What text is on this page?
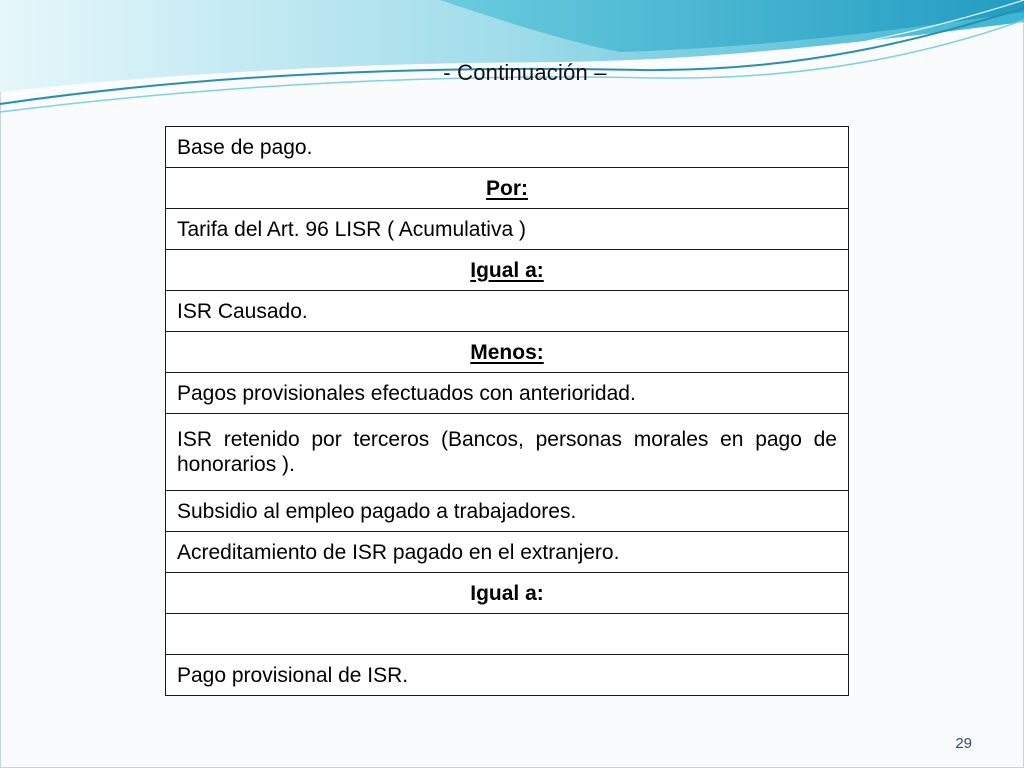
- Continuación –
Base de pago.
Por:
Tarifa del Art. 96 LISR ( Acumulativa )
Igual a:
ISR Causado.
Menos:
Pagos provisionales efectuados con anterioridad.
ISR retenido por terceros (Bancos, personas morales en pago de honorarios ).
Subsidio al empleo pagado a trabajadores.
Acreditamiento de ISR pagado en el extranjero.
Igual a:

Pago provisional de ISR.
29
